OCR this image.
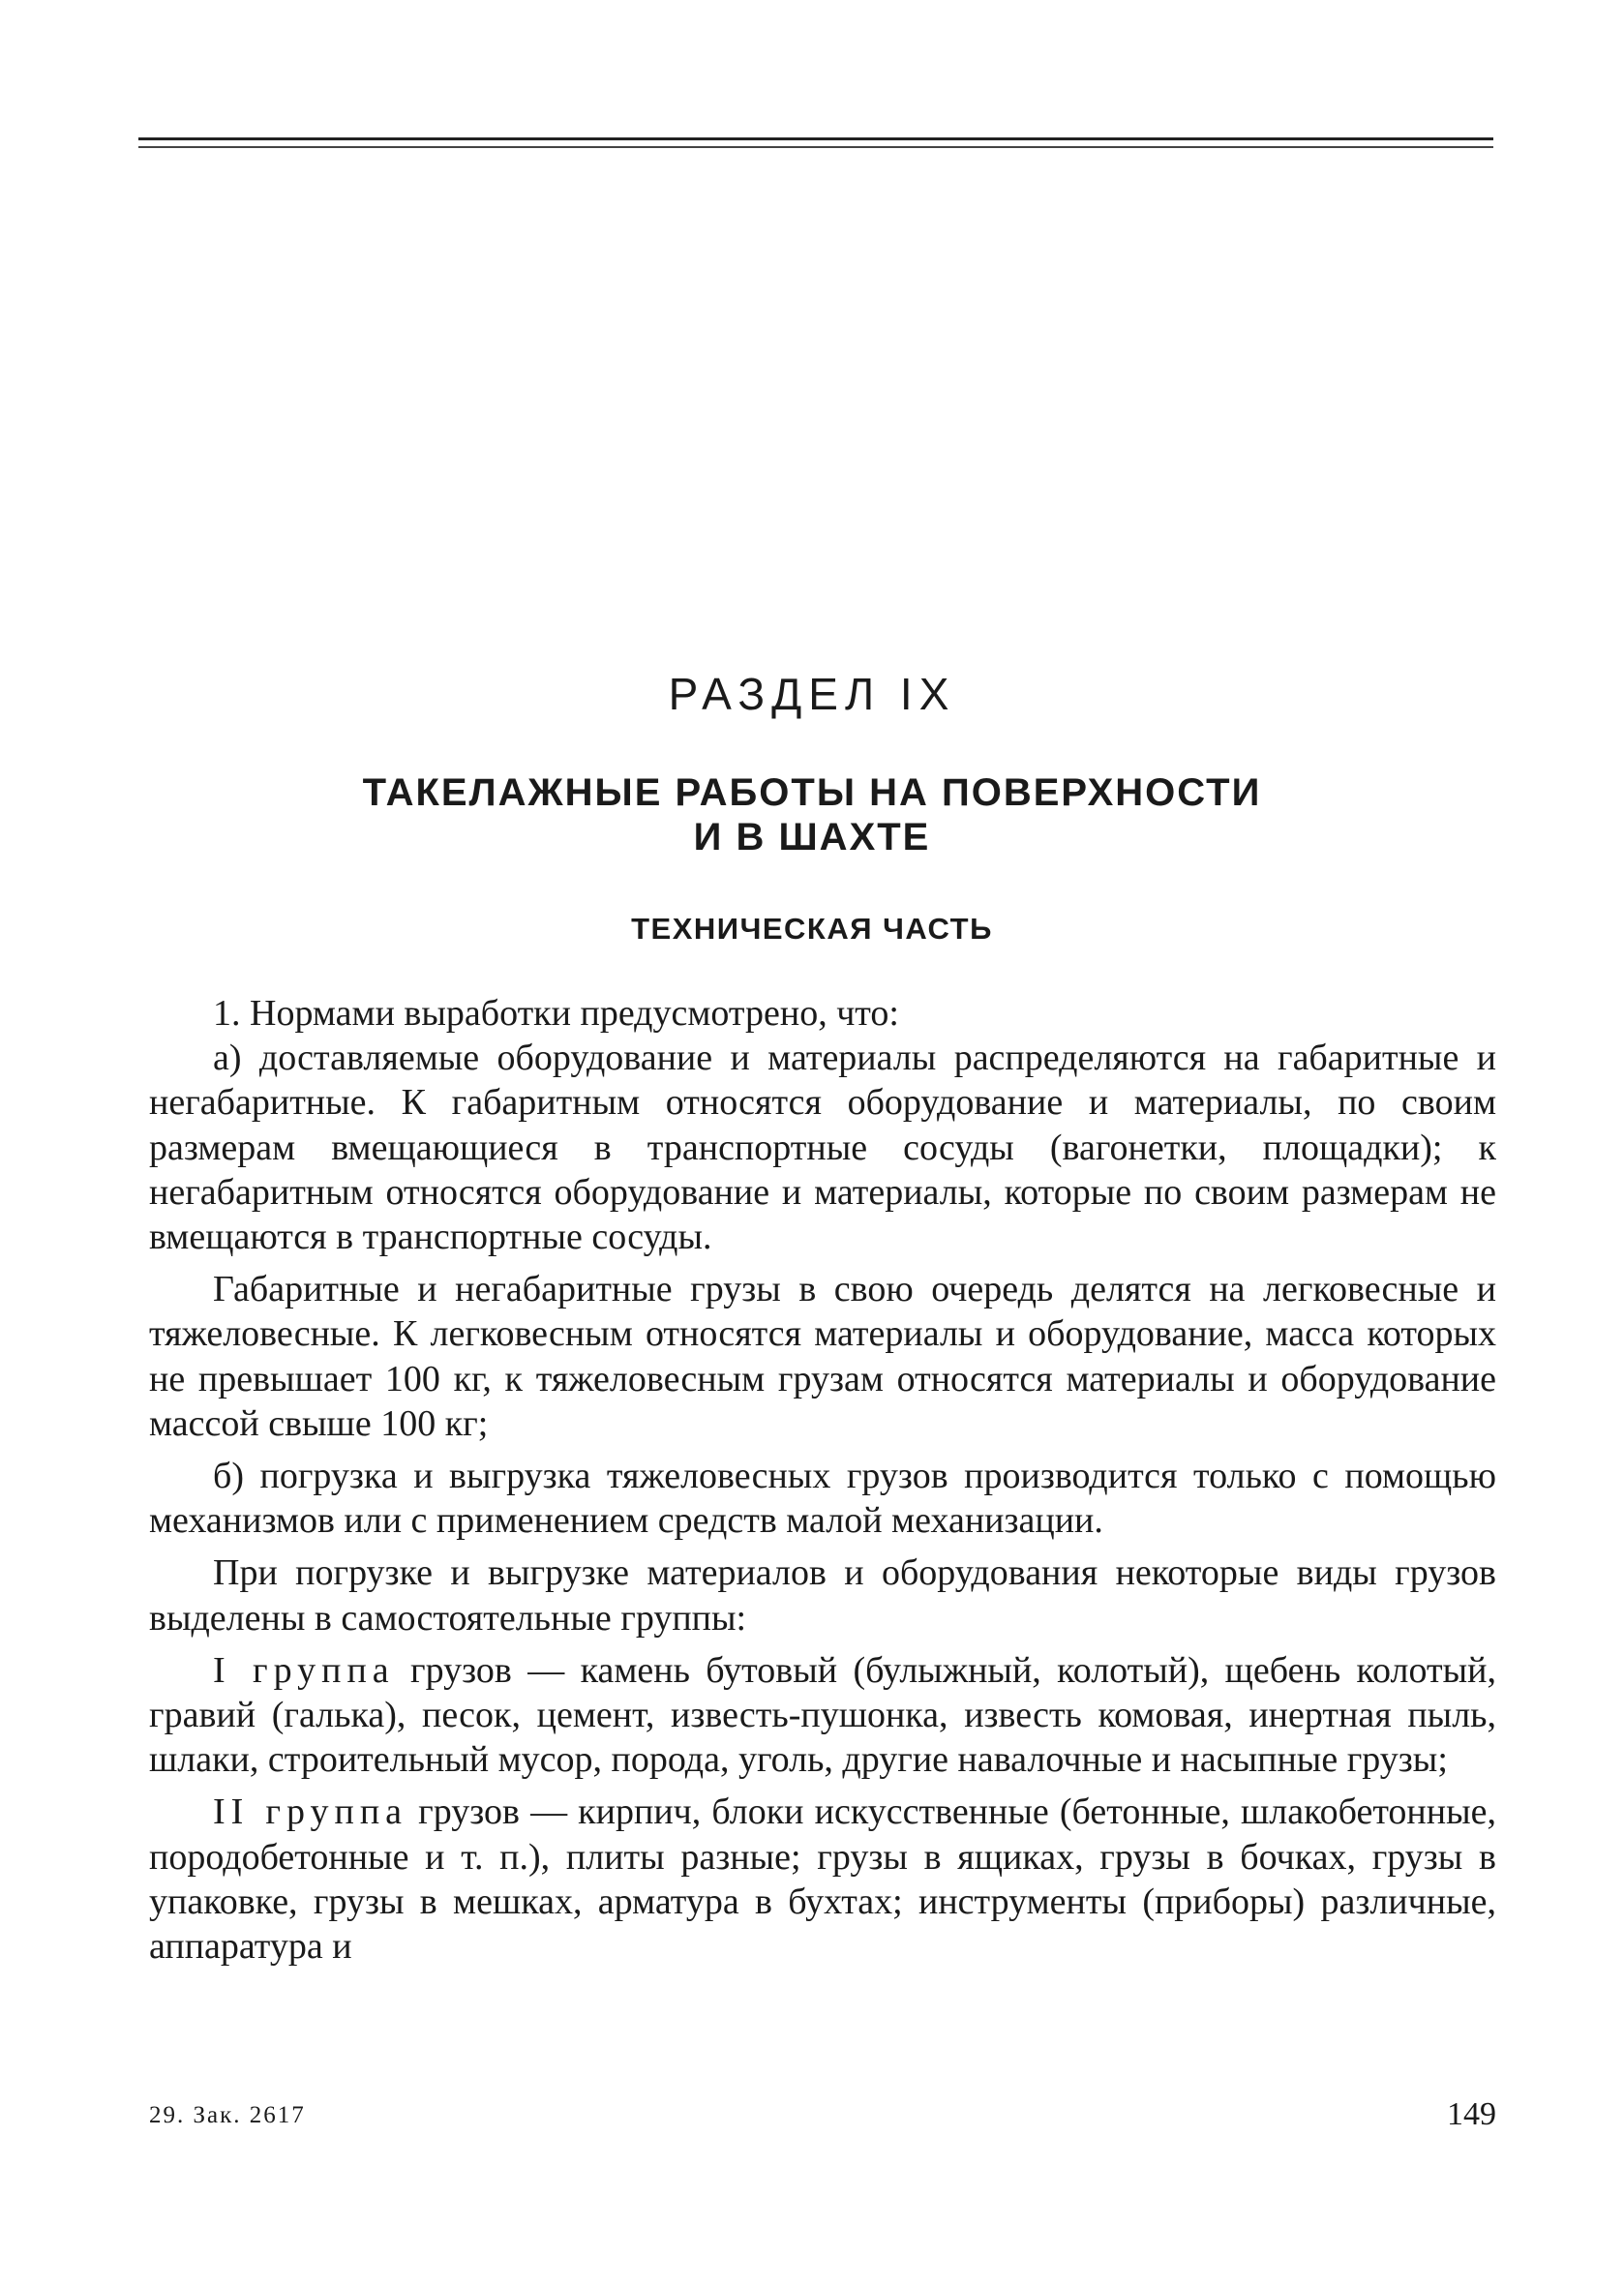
РАЗДЕЛ IX
ТАКЕЛАЖНЫЕ РАБОТЫ НА ПОВЕРХНОСТИ
И В ШАХТЕ
ТЕХНИЧЕСКАЯ ЧАСТЬ

1. Нормами выработки предусмотрено, что:

а) доставляемые оборудование и материалы распределяются на габаритные и негабаритные. К габаритным относятся оборудование и материалы, по своим размерам вмещающиеся в транспортные сосуды (вагонетки, площадки); к негабаритным относятся оборудование и материалы, которые по своим размерам не вмещаются в транспортные сосуды.

Габаритные и негабаритные грузы в свою очередь делятся на легковесные и тяжеловесные. К легковесным относятся материалы и оборудование, масса которых не превышает 100 кг, к тяжеловесным грузам относятся материалы и оборудование массой свыше 100 кг;

б) погрузка и выгрузка тяжеловесных грузов производится только с помощью механизмов или с применением средств малой механизации.

При погрузке и выгрузке материалов и оборудования некоторые виды грузов выделены в самостоятельные группы:

I группа грузов — камень бутовый (булыжный, колотый), щебень колотый, гравий (галька), песок, цемент, известь-пушонка, известь комовая, инертная пыль, шлаки, строительный мусор, порода, уголь, другие навалочные и насыпные грузы;

II группа грузов — кирпич, блоки искусственные (бетонные, шлакобетонные, породобетонные и т. п.), плиты разные; грузы в ящиках, грузы в бочках, грузы в упаковке, грузы в мешках, арматура в бухтах; инструменты (приборы) различные, аппаратура и

29. Зак. 2617	149
